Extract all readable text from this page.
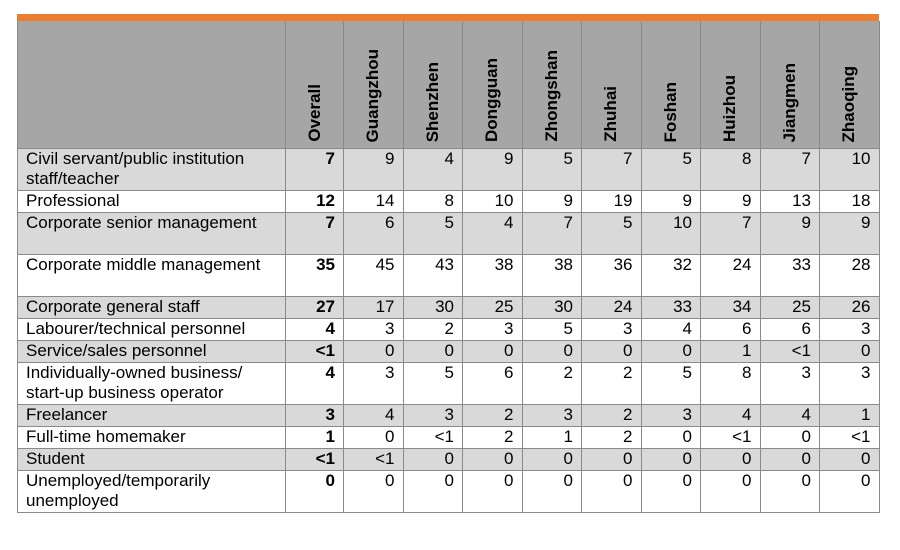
	Overall	Guangzhou	Shenzhen	Dongguan	Zhongshan	Zhuhai	Foshan	Huizhou	Jiangmen	Zhaoqing

Civil servant/public institution staff/teacher	7	9	4	9	5	7	5	8	7	10
Professional	12	14	8	10	9	19	9	9	13	18
Corporate senior management	7	6	5	4	7	5	10	7	9	9
Corporate middle management	35	45	43	38	38	36	32	24	33	28
Corporate general staff	27	17	30	25	30	24	33	34	25	26
Labourer/technical personnel	4	3	2	3	5	3	4	6	6	3
Service/sales personnel	<1	0	0	0	0	0	0	1	<1	0
Individually-owned business/ start-up business operator	4	3	5	6	2	2	5	8	3	3
Freelancer	3	4	3	2	3	2	3	4	4	1
Full-time homemaker	1	0	<1	2	1	2	0	<1	0	<1
Student	<1	<1	0	0	0	0	0	0	0	0
Unemployed/temporarily unemployed	0	0	0	0	0	0	0	0	0	0
